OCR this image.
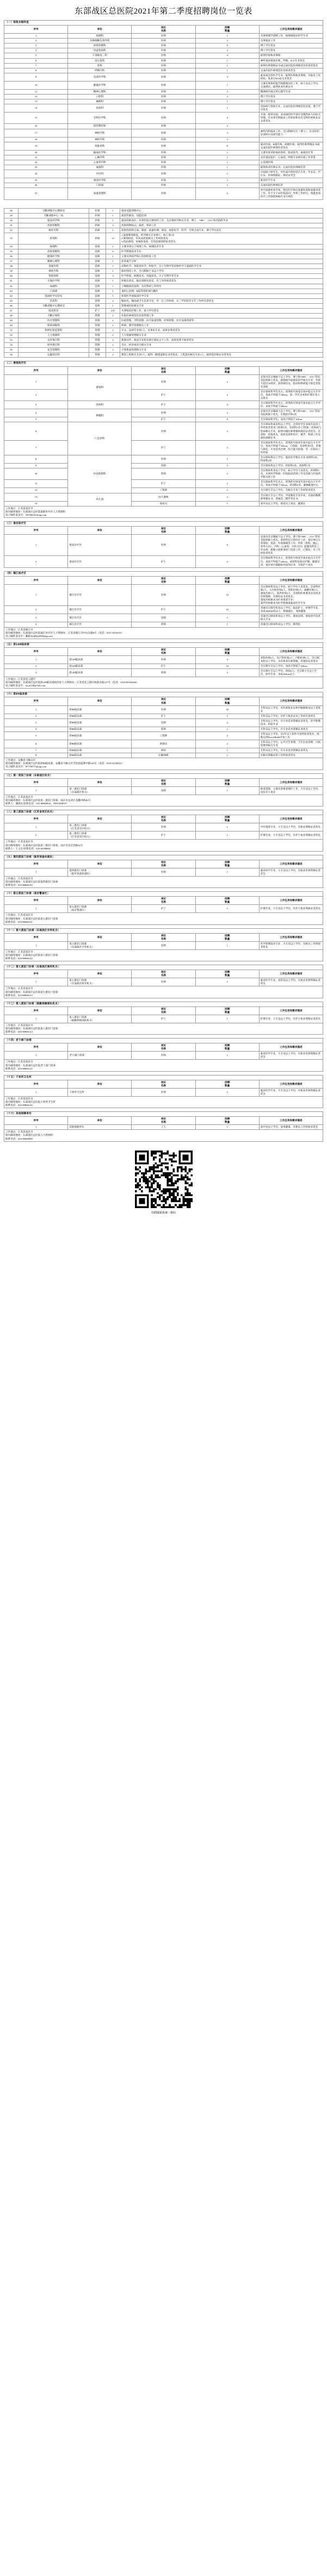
东部战区总医院2021年第二季度招聘岗位一览表
（一）医院本级科室				
序号	单位	岗位
名称	招聘
数量	工作任务和需求描述
1	病理科	医师	1	从事病理学诊断工作，病理或临床医学专业
2	耳鼻咽喉头颈外科	医师	2	从事临床工作
3	放射诊断科	医师	8	博士学历优先
4	风湿免疫科	医师	4	博士学历优先
5	干部病房二科	医师	4	取得医师执业资格
6	高压氧科	医师	1	神经重症康复医师，呼吸、ICU专业优先
7	骨科	医师	1	取得医师资格证书或完成住院医师规范化培训者优先
8	呼吸内科	医师	1	完成住院医师规范化培训者优先
9	急诊医学科	医师	3	临床或急诊医学专业，取得医师执业资格，有临床工作经验、发表过SCI论文者优先
10	健康医学科	医师	1	主要从事体检报告和健康评估工作，硕士及以上学历，完成规培、取得执业医师证书
11	精神心理科	医师	3	精神病学或应用心理学专业
12	口腔科	医师	3	博士学历优先
13	麻醉科	医师	1	博士学历优先
14	皮肤科	医师	1	皮肤病与性病专业，完成住院医师规范化培训、博士学历优先
15	全科医学科	医师	4	开展一般常见病、多发病的医学诊疗及慢性病人的综合管理，有从事全科临床工作经验和具有全科医师执业证书者优先
16	烧伤整形科	医师	2	
17	神经内科	医师	3	神经内科临床工作，全日制研究生（博士），有良好的培训经历及研究能力
18	神经外科	医师	3	
19	肾脏病科	医师	8	临床医师、B超医师、病理医师，取得医师资格证书或完成住院医师规培者优先
20	输血医学科	医师	1	主要从事采供血的体检、临床指导，血液治疗等
21	心胸外科	医师	5	具有重症监护、心血管、呼吸专业研究或工作背景
22	心血管内科	医师	1	心电图医师
23	血液科	医师	1	取得执业医师证书，完成住院医师规培者
24	中医科	医师	1	应届硕士研究生，中医或中西医结合专业，毕业证、学位证、医师资格证、规培证齐全
25	重症医学科	医师	3	临床医学专业
26	门诊部	医师	2	完成住院医师规培者
27	质量管理科	医师	2	医疗质量检查专家，胜任医疗病历质量检查和质量审查工作，有不少于20年临床内、外科工作经历，熟悉各项医疗工作制度和病历书写规范
28	卫勤训练中心教研室	医师	1	临床技能训练中心
29	卫勤训练中心一队	医师	1	战创伤救治、技能培训
30	临床药学科	药师	1	临床药师岗位，从事医院合理用药工作，全日制药学相关专业，博士，“985”、“211”知名院校毕业
31	放射诊断科	药师	3	放射药物标记、质控、科研工作
32	核医学科	药师	1	放射性药物合成、制备、质量检测、研发，放射化学、药学、生物合成专业，博士学历优先
33	药剂科	药师	13	1.战备制剂研发，药学相关专业博士、硕士各1名
2.制剂检验，有药品检验相关工作经验优先
3.药品调剂、审核和发放，有医院调剂经验者优先
34	病理科	技师	1	主要从事分子病理工作，病理技术专业
35	放射诊断科	技师	6	医学影像技术专业
36	健康医学科	技师	1	主要从事超声和心电图检查工作
37	精神心理科	技师	1	检查报告分析
38	普通外科	技师	1	动物医学、预防兽医学、检验学、分子生物学等动物医学与基础医学专业
39	神经内科	技师	1	脑电图室工作，全日制硕士及以上学历
40	肾脏病科	技师	3	医学检验、病理技术、电镜技术、分子生物学等专业
41	生殖医学科	技师	1	胚胎实验室、临床诊断实验室，有工作经验者优先
42	血液科	技师	1	干细胞质控技师，具有科研工作经历
43	门诊部	技师	1	承担心电图、B超等体检项目操作
44	基础医学实验室	技师	5	检验医学或临床医学专业
45	信息科	技师	2	编码员，编码或卫生信息专业，有一定工作经验，在三甲医院有五年工作经历者优先
46	卫勤训练中心教研室	技师	1	影像或检验相关专业
47	临床科室	护士	237	从事临床护理工作，硕士学历优先
48	卫勤计划科	管理	2	住院医师规范化培训管理工作
49	医疗管理科	管理	2	医政管理、学科管理、医疗质量管理、药事管理、医疗设备管理等
50	科研训练科	管理	2	科研、教学管理相关工作
51	组织纪检监察科	管理	2	中文、法律专业各1人，从事本专业，成果显著者优先
52	人力资源科	管理	2	人力资源管理相关专业
53	宣传保卫科	管理	2	新闻宣传、政法专业和从事过部队文字工作，成果显著丰硕者优先
54	财务供应科	管理	2	会计、经济或审计相关专业
55	安全管理科	管理	2	计算机或管理相关专业
56	运输营房科	管理	2	建筑工程相关专业1人，取得一级建造师证书者优先；工程造价相关专业1人，取得造价师证书者优先
（二）秦淮医疗区				
序号	单位	岗位
名称	招聘
数量	工作任务和需求描述
1	感染科	医师	2	必须为全日制硕士以上学历，博士和“985”、“211”等知名院校硕士优先。感染病学或重症医学相关专业，年龄不超过35周岁，获得规培证、临床和科研能力俱佳者优先录取
2		护士	2	全日制本科学历为主，优秀的可放宽至高中起点大专学历，身高不得低于160cm。第一学历为本科护理专业人员优先
3	肝病科	护士	4	全日制本科学历为主，优秀的可放宽至高中起点大专学历，身高不得低于160cm
4	肿瘤科	医师	2	必须为全日制硕士以上学历，博士和“985”、“211”等知名院校硕士优先、生物治疗科2名
5		护士	8	全日制本科学历，身高不得低于160cm
6	门急诊科	医师	3	全日制本科或本科以上学历，急诊医学专业或有急诊工作经验者优先门诊部1名、急诊科2名;门诊部：皮肤病与性病相关专业，取得中级医师资格和规培证者优先；急诊科：男性优先，承担急诊科医疗、教学、科研工作及部队保障任务
7		护士	2	全日制本科学历为主，优秀的可放宽至高中起点大专学历，身高不得低于160cm，门诊部、急诊科各1名，形象气质佳，专业技术过硬，综合能力较强，有一定临床工作经验
8	医技保障科	医师	5	全日制本科以上学历。临床医学相关专业,放射科3名，特诊科2名
9		技师	3	全日制本科以上学历。检验科2名、放射科1名
10		药师	5	全日制本科及以上学历，硕士学历人员优先。药剂科5名，从事药学科研、医院临床药师工作及其他与医院药学相关的工作
11		护士	2	全日制本科学历为主，优秀的可放宽至高中起点大专学历，身高不得低于160cm。药剂科2名，静脉配置中心
12		工程师	2	全日制大专以上学历，有相关专业工作经验者优先
13	幼儿园	幼儿教师	2	全日制大专以上学历，学前教育专业毕业，具备幼教教师资格证书，普通话二级甲等证书
14		保育员	1	高中及以上学历，保育员上岗证，健康证

工作地点：江苏省南京市
简历邮寄地址：东部战区总医院秦淮医疗区人力资源科
电子邮件发送至：781946167@qq.com				
（三）淮安医疗区				
序号	单位	岗位
名称	招聘
数量	工作任务和需求描述
1	淮安医疗区	医师	6	必须为全日制硕士以上学历，博士和“985”、“211”等知名院校硕士优先。承担科室日常医疗工作，基层单位日常体检、巡诊、外训保障等工作。外科（骨科、胸心、普外方向）、内科（心血管、中医方向）能服从科室工作安排，能独立值班承担门急诊工作，已规培，有工作经验者优先
2	淮安医疗区	护士	4	全日制本科学历为主，优秀的可放宽至高中起点大专学历，身高不得低于160cm。承担科室病员护理、健康宣讲、基层单位保障和外训等任务，专科护士优先
（四）镇江医疗区				
序号	单位	岗位
名称	招聘
数量	工作任务和需求描述
1	镇江医疗区	医师	12	全日制本科及以上学历，硕士学历人员优先。急诊科医师2人、大内科医师2人、骨科医师3人、麻醉医师2人、康复医师1人、超声医师2人。急诊科医师要求具有执业医师资格，有规培证书者优先；
康复医师要求为针灸推拿专业；
超声医师要求为医学影像或临床医学专业
2	镇江医疗区	护士	12	普通全日制专科及以上学历，临床护士，护理学专业，身高160CM及以上，相貌端正，身体健康
3	镇江医疗区	技师	1	普通全日制本科及以上学历，康复技师，康复治疗技术相关专业
4	镇江医疗区	药师	1	普通全日制本科及以上学历，制剂室

工作地点：江苏省镇江市
简历邮寄地址：东部战区总医院镇江医疗区人力资源办，江苏省镇江市中山东路8号（电话：0511-8335535）
电子邮件发送至：邮箱1628562499@qq.com				
（五）原149临床部				
序号	单位	岗位
名称	招聘
数量	工作任务和需求描述
1	原149临床部	医师	4	骨科医师1人，妇产科医师2人，内科医师1人。全日制本科以上学历，具有执业医师资格，有规培证者优先
2	原149临床部	护士	12	全日制大专以上学历，身高不得低于160cm
3	原149临床部	药师	2	全日制大专以上学历。药师2人，全日制大专以上学历，药学专业，身高160cm以上

工作地点：江苏省连云港市
简历邮寄地址：东部战区总医院原149临床部政治处人力资源办，江苏省连云港市海棠北路127号（电话：0518-80534636）
电子邮件发送至：rlzyb149@163.com				
（六）原86临床部				
序号	单位	岗位
名称	招聘
数量	工作任务和需求描述
1	原86临床部	医师	10	专科及以上学历，有医师执业证和中级职称及以上者优先
2	原86临床部	护士	5	专科及以上学历，有护士执业证及工作经历者优先
3	原86临床部	技师	4	专科及以上学历，有专业技术资格证者优先，医学影像技术、检验专业
4	原86临床部	药师	1	专科及以上学历，有专业技术资格证者优先
5	原86临床部	工程师	2	专科及以上学历，有2年以上软件开发经验者优先，熟练运用PowerBuild开发工具
6	原86临床部	助理员	2	专科及以上学历，公共卫生管理、卫生信息管理、行政管理等相关专业
7	原86临床部	财经	1	专科及以上学历，有专业技术资格证者优先
8	原86临床部	后勤保障	1	有相关资格证和工作经验者优先

工作地点：安徽省马鞍山市
简历邮寄地址：东部战区总医院原86临床部，安徽省马鞍山市当涂县提署中路543号（电话：0555-6158523）
电子邮件发送至：877709772@qq.com				
（七）第一派驻门诊部（东部战区机关）				
序号	单位	岗位
名称	招聘
数量	工作任务和需求描述
1	第一派驻门诊部
（东部战区机关）	技师	1	推拿技师，主要从事推拿理疗工作，大专及以上学历，退伍军人优先

工作地点：江苏省南京市
简历邮寄地址：东部战区总医院第一派驻门诊部，南京市玄武区龙蟠中路46号
联系人：潘锦炎 联系电话：025-80882843，18951008707				
（八）第三派驻门诊部（江苏省军区机关）				
序号	单位	岗位
名称	招聘
数量	工作任务和需求描述
1	第三派驻门诊部
（江苏省军区机关）	医师	1	中医推拿专业，大专及以上学历，有执业资格证者优先
2	第三派驻门诊部
（江苏省军区机关）	护士	1	护理专业，大专及以上学历，有护士执业资格证者优先

工作地点：江苏省南京市
简历邮寄地址：东部战区总医院第三派驻门诊部，南京市北京西路32号
联系人：王主任 联系电话：025-83388001				
（九）第四派驻门诊部（陆军预备役部队）				
序号	单位	岗位
名称	招聘
数量	工作任务和需求描述
1	第四派驻门诊部
（陆军预备役部队）	医师	1	临床医学专业，大专及以上学历，有执业医师资格证者优先

工作地点：江苏省南京市
简历邮寄地址：东部战区总医院第四派驻门诊部
联系电话：025-80866120				
（十）第五派驻门诊部（南京警备区）				
序号	单位	岗位
名称	招聘
数量	工作任务和需求描述
1	第五派驻门诊部
（南京警备区）	护士	1	护理专业，大专及以上学历，有护士执业资格证者优先

工作地点：江苏省南京市
简历邮寄地址：东部战区总医院第五派驻门诊部
联系电话：025-80866121				
（十一）第六派驻门诊部（东部战区空军机关）				
序号	单位	岗位
名称	招聘
数量	工作任务和需求描述
1	第六派驻门诊部
（东部战区空军机关）	技师	1	医学影像技术专业，大专及以上学历，有相关工作经验者优先

工作地点：江苏省南京市
简历邮寄地址：东部战区总医院第六派驻门诊部
联系电话：025-80866122				
（十二）第七派驻门诊部（东部战区海军机关）				
序号	单位	岗位
名称	招聘
数量	工作任务和需求描述
1	第七派驻门诊部
（东部战区海军机关）	医师	1	临床医学专业，本科及以上学历，有执业医师资格证者优先

工作地点：江苏省南京市
简历邮寄地址：东部战区总医院第七派驻门诊部
联系电话：025-80866123				
（十三）第八派驻门诊部（联勤保障部队机关）				
序号	单位	岗位
名称	招聘
数量	工作任务和需求描述
1	第八派驻门诊部
（联勤保障部队机关）	护士	1	护理专业，大专及以上学历，有护士执业资格证者优先

工作地点：江苏省南京市
简历邮寄地址：东部战区总医院第八派驻门诊部
联系电话：025-80866124				
（十四）老干部门诊部				
序号	单位	岗位
名称	招聘
数量	工作任务和需求描述
1	老干部门诊部	医师	1	临床医学专业，大专及以上学历，有执业医师资格证者优先

工作地点：江苏省南京市
简历邮寄地址：东部战区总医院老干部门诊部
联系电话：025-80866125				
（十五）干休所卫生所				
序号	单位	岗位
名称	招聘
数量	工作任务和需求描述
1	干休所卫生所	医师	2	临床医学专业，大专及以上学历，有执业医师资格证者优先

工作地点：江苏省南京市
简历邮寄地址：东部战区总医院干休所卫生所
联系电话：025-80866126				
（十六）其他保障单位				
序号	单位	岗位
名称	招聘
数量	工作任务和需求描述
1	其他保障单位	工人	5	高中及以上学历，身体健康，有相关工作经验者优先

工作地点：江苏省南京市
简历邮寄地址：东部战区总医院人力资源科
联系电话：025-80860999				
招聘邮箱系统二维码
